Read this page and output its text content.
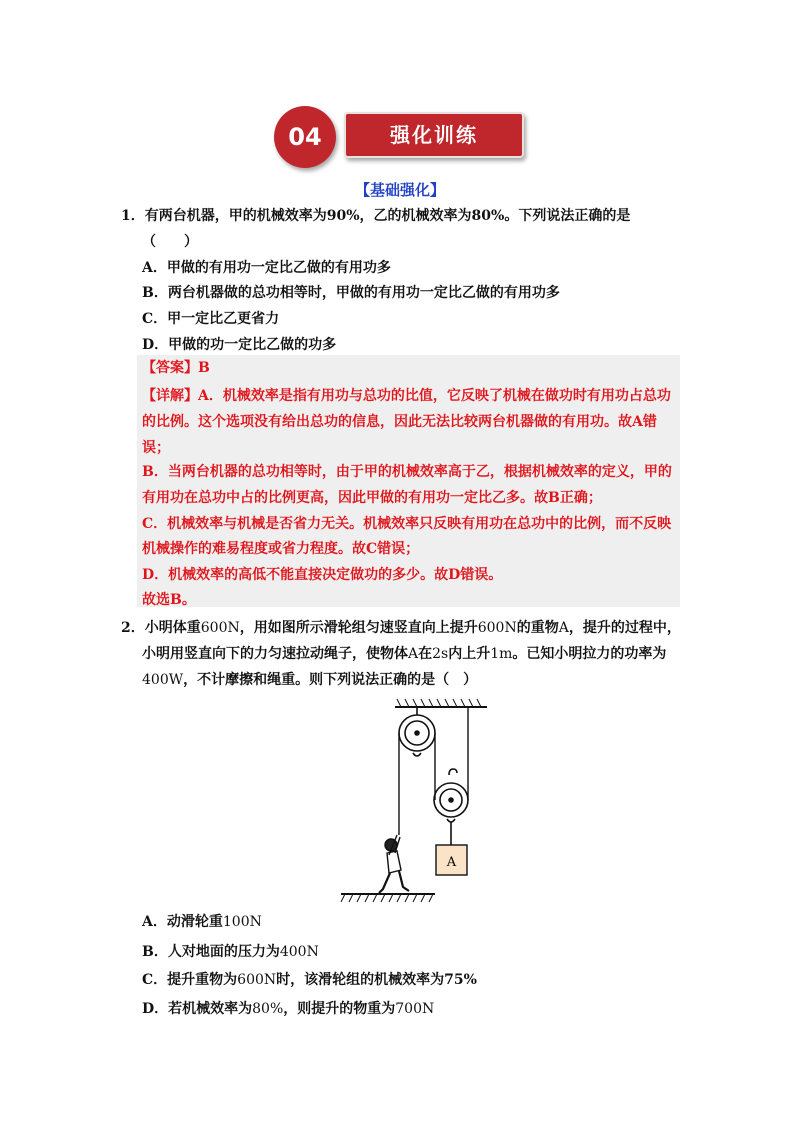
04	强化训练
【基础强化】
1．有两台机器，甲的机械效率为90%，乙的机械效率为80%。下列说法正确的是
（　　）
A．甲做的有用功一定比乙做的有用功多
B．两台机器做的总功相等时，甲做的有用功一定比乙做的有用功多
C．甲一定比乙更省力
D．甲做的功一定比乙做的功多
【答案】B
【详解】A．机械效率是指有用功与总功的比值，它反映了机械在做功时有用功占总功
的比例。这个选项没有给出总功的信息，因此无法比较两台机器做的有用功。故A错
误；
B．当两台机器的总功相等时，由于甲的机械效率高于乙，根据机械效率的定义，甲的
有用功在总功中占的比例更高，因此甲做的有用功一定比乙多。故B正确；
C．机械效率与机械是否省力无关。机械效率只反映有用功在总功中的比例，而不反映
机械操作的难易程度或省力程度。故C错误；
D．机械效率的高低不能直接决定做功的多少。故D错误。
故选B。
2．小明体重600N，用如图所示滑轮组匀速竖直向上提升600N的重物A，提升的过程中，
小明用竖直向下的力匀速拉动绳子，使物体A在2s内上升1m。已知小明拉力的功率为
400W，不计摩擦和绳重。则下列说法正确的是（　）
A
A．动滑轮重100N
B．人对地面的压力为400N
C．提升重物为600N时，该滑轮组的机械效率为75%
D．若机械效率为80%，则提升的物重为700N
